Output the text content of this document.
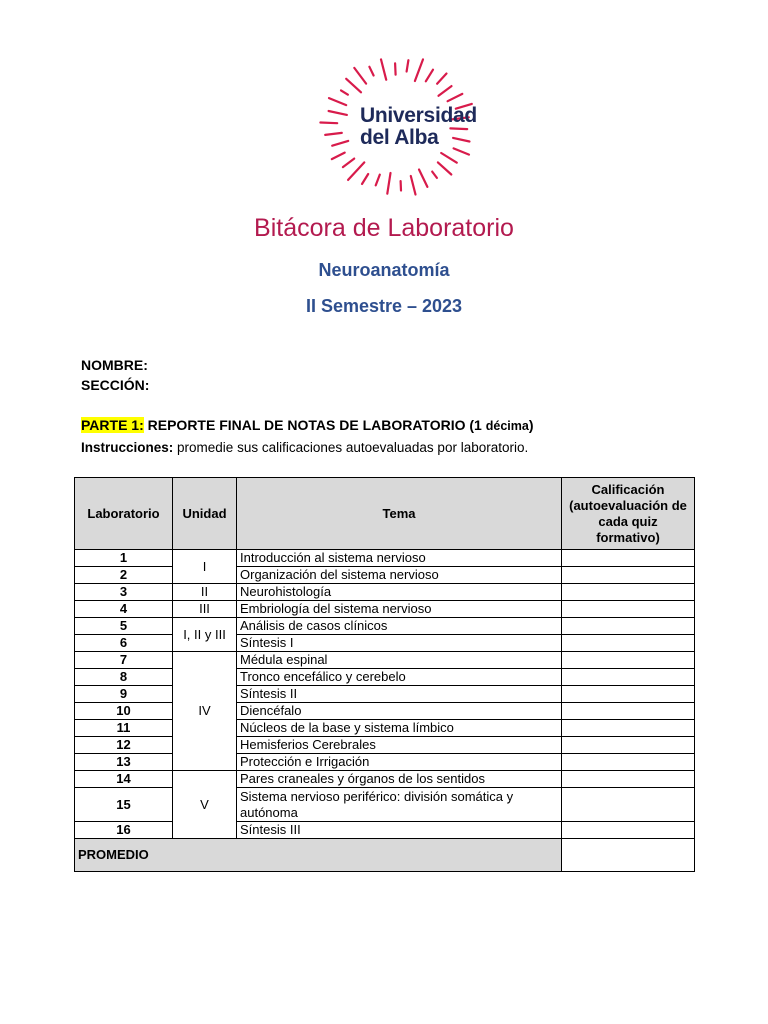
Universidad
del Alba
Bitácora de Laboratorio
Neuroanatomía
II Semestre – 2023
NOMBRE:
SECCIÓN:
PARTE 1: REPORTE FINAL DE NOTAS DE LABORATORIO (1 décima)
Instrucciones: promedie sus calificaciones autoevaluadas por laboratorio.
Laboratorio	Unidad	Tema	Calificación (autoevaluación de cada quiz formativo)
1	I	Introducción al sistema nervioso	
2		Organización del sistema nervioso	
3	II	Neurohistología	
4	III	Embriología del sistema nervioso	
5	I, II y III	Análisis de casos clínicos	
6		Síntesis I	
7	IV	Médula espinal	
8		Tronco encefálico y cerebelo	
9		Síntesis II	
10		Diencéfalo	
11		Núcleos de la base y sistema límbico	
12		Hemisferios Cerebrales	
13		Protección e Irrigación	
14	V	Pares craneales y órganos de los sentidos	
15		Sistema nervioso periférico: división somática y autónoma	
16		Síntesis III	
PROMEDIO			
